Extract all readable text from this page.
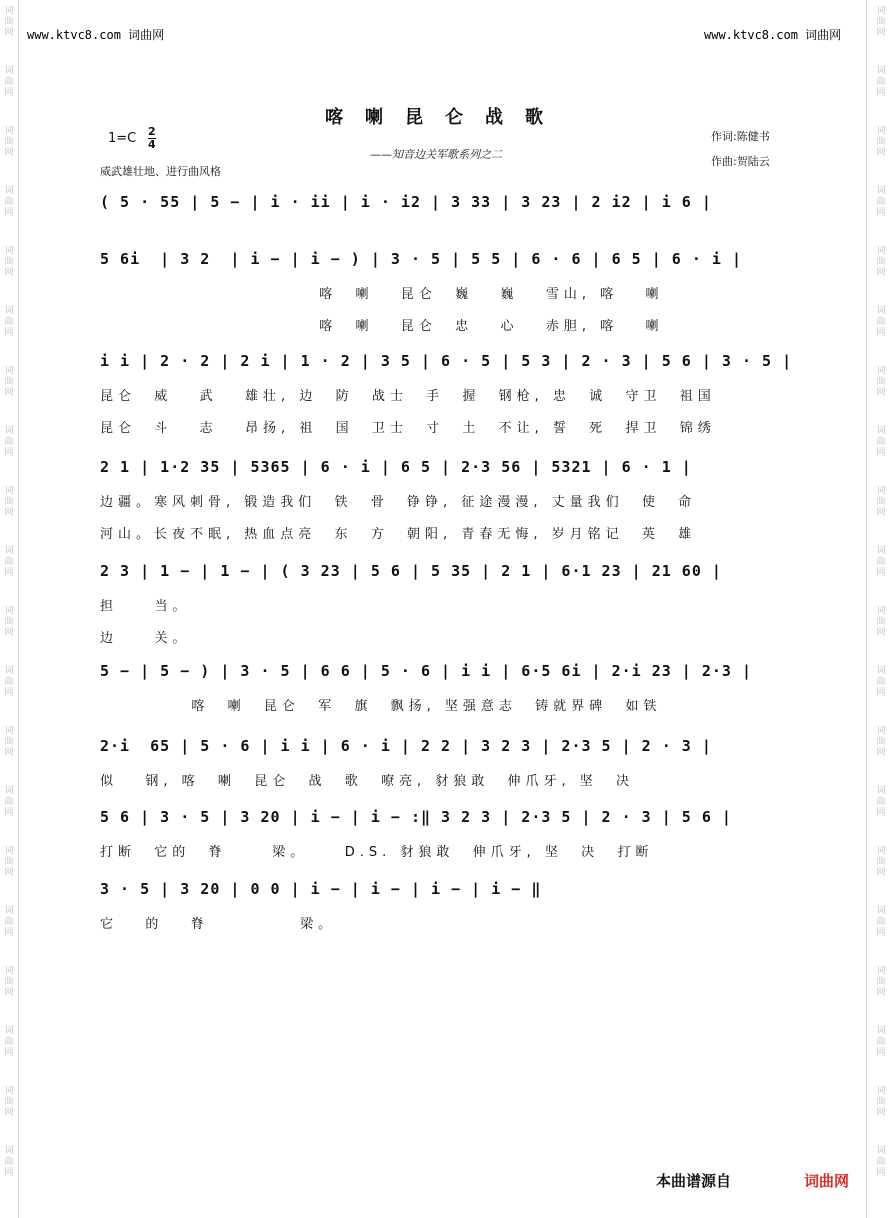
词
曲
网
词
曲
网
词
曲
网
词
曲
网
词
曲
网
词
曲
网
词
曲
网
词
曲
网
词
曲
网
词
曲
网
词
曲
网
词
曲
网
词
曲
网
词
曲
网
词
曲
网
词
曲
网
词
曲
网
词
曲
网
词
曲
网
词
曲
网
词
曲
网
词
曲
网
词
曲
网
词
曲
网
词
曲
网
词
曲
网
词
曲
网
词
曲
网
词
曲
网
词
曲
网
词
曲
网
词
曲
网
词
曲
网
词
曲
网
词
曲
网
词
曲
网
词
曲
网
词
曲
网
词
曲
网
词
曲
网
www.ktvc8.com 词曲网	www.ktvc8.com 词曲网
喀喇昆仑战歌
——知音边关军歌系列之二
1=C 2
4
作词:陈健书
作曲:贺陆云
威武雄壮地、进行曲风格
( 5 · 55 | 5 − | i · ii | i · i2 | 3 33 | 3 23 | 2 i2 | i 6 |
5 6i  | 3 2  | i − | i − ) | 3 · 5 | 5 5 | 6 · 6 | 6 5 | 6 · i |
喀  喇   昆仑  巍   巍   雪山, 喀   喇
喀  喇   昆仑  忠   心   赤胆, 喀   喇
i i | 2 · 2 | 2 i | 1 · 2 | 3 5 | 6 · 5 | 5 3 | 2 · 3 | 5 6 | 3 · 5 |
昆仑  威   武   雄壮, 边  防  战士  手  握  钢枪, 忠  诚  守卫  祖国
昆仑  斗   志   昂扬, 祖  国  卫士  寸  土  不让, 誓  死  捍卫  锦绣
2 1 | 1·2 35 | 5365 | 6 · i | 6 5 | 2·3 56 | 5321 | 6 · 1 |
边疆。寒风刺骨, 锻造我们  铁  骨  铮铮, 征途漫漫, 丈量我们  使  命
河山。长夜不眠, 热血点亮  东  方  朝阳, 青春无悔, 岁月铭记  英  雄
2 3 | 1 − | 1 − | ( 3 23 | 5 6 | 5 35 | 2 1 | 6·1 23 | 21 60 |
担    当。
边    关。
5 − | 5 − ) | 3 · 5 | 6 6 | 5 · 6 | i i | 6·5 6i | 2·i 23 | 2·3 |
喀  喇  昆仑  军  旗  飘扬, 坚强意志  铸就界碑  如铁
2·i  65 | 5 · 6 | i i | 6 · i | 2 2 | 3 2 3 | 2·3 5 | 2 · 3 |
似   钢, 喀  喇  昆仑  战  歌  嘹亮, 豺狼敢  伸爪牙, 坚  决
5 6 | 3 · 5 | 3 20 | i − | i − :‖ 3 2 3 | 2·3 5 | 2 · 3 | 5 6 |
打断  它的  脊     梁。    D.S. 豺狼敢  伸爪牙, 坚  决  打断
3 · 5 | 3 20 | 0 0 | i − | i − | i − | i − ‖
它   的   脊          梁。
本曲谱源自	词曲网
